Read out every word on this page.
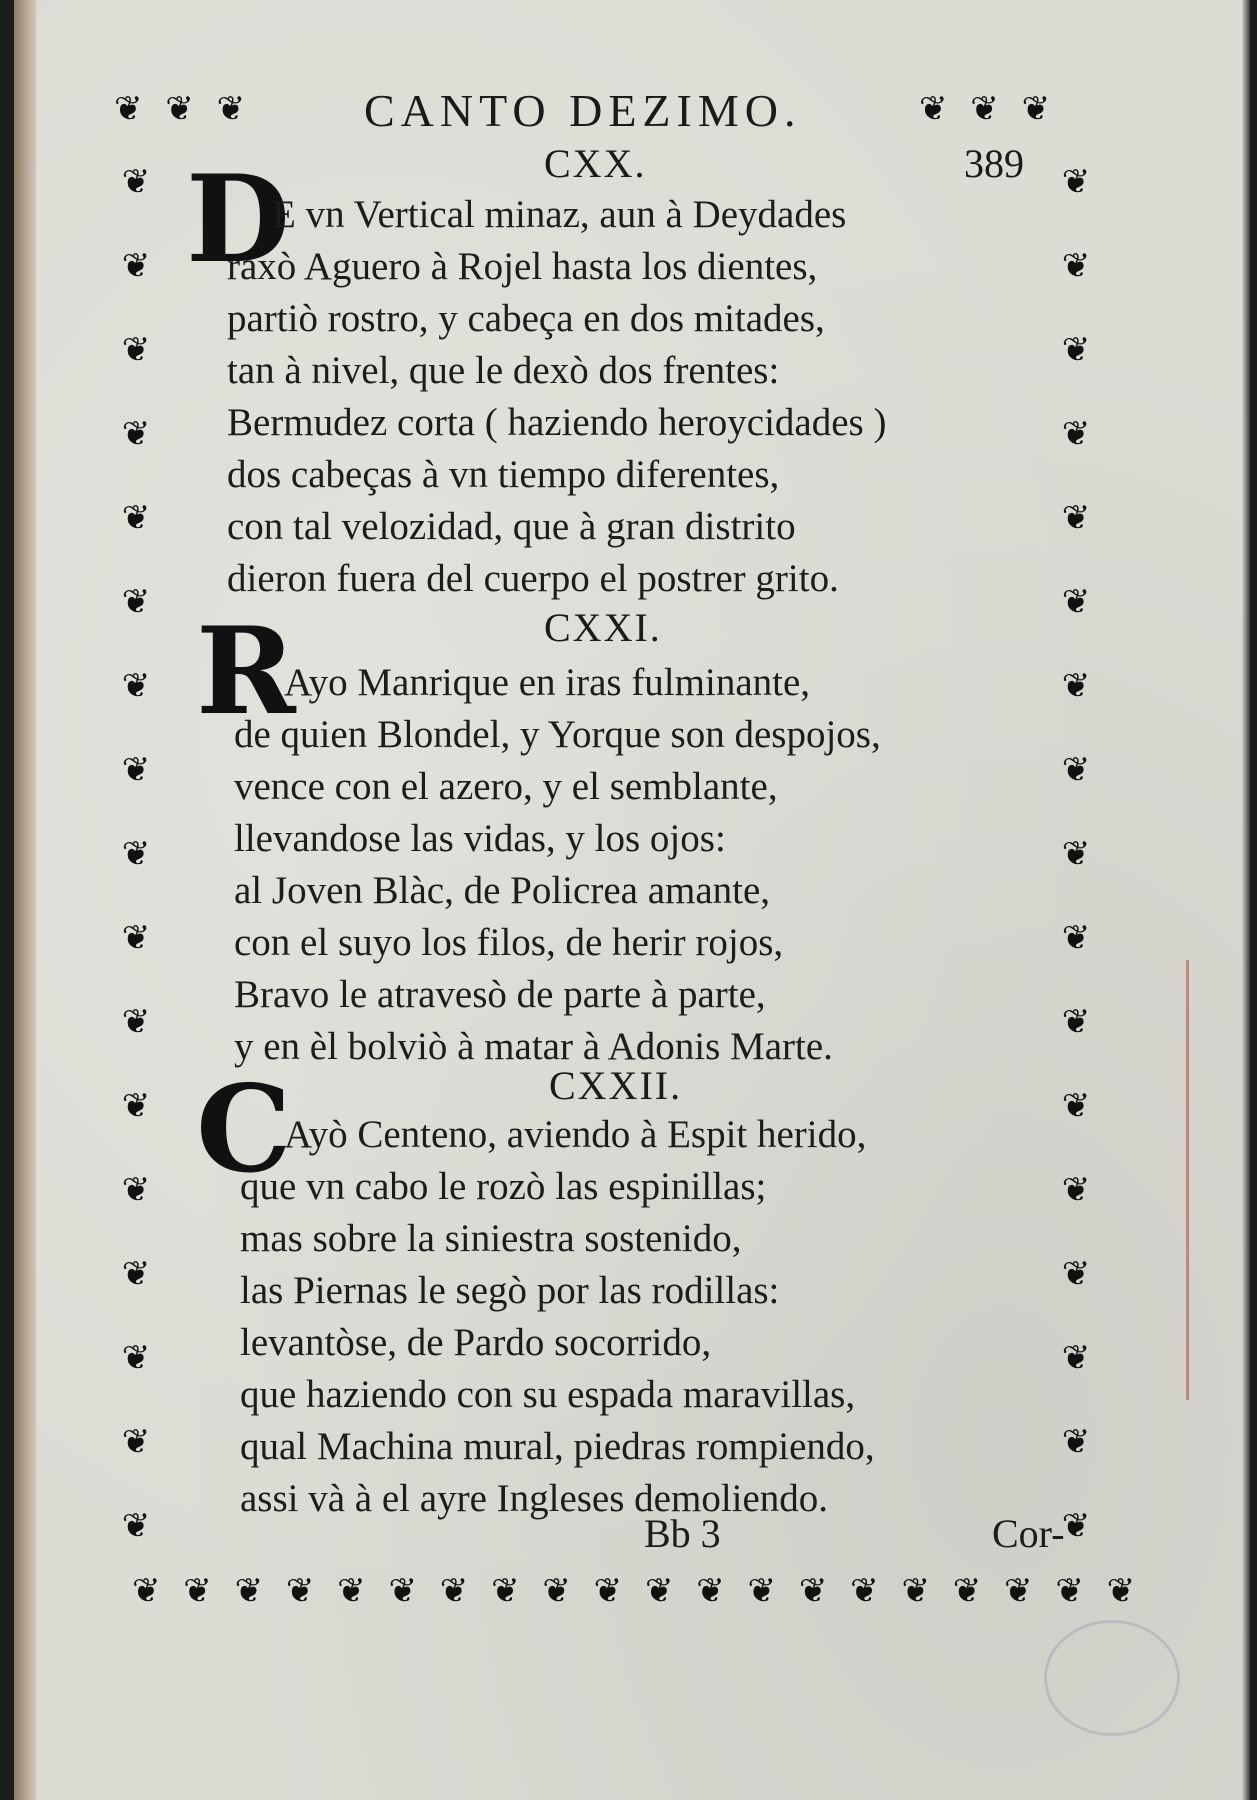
❦ ❦ ❦	❦ ❦ ❦
❦ ❦ ❦ ❦ ❦ ❦ ❦ ❦ ❦ ❦ ❦ ❦ ❦ ❦ ❦ ❦ ❦ ❦ ❦ ❦
❦
❦
❦
❦
❦
❦
❦
❦
❦
❦
❦
❦
❦
❦
❦
❦
❦
❦
❦
❦
❦
❦
❦
❦
❦
❦
❦
❦
❦
❦
❦
❦
❦
❦
CANTO DEZIMO.
389
CXX.
D
E vn Vertical minaz, aun à Deydades
raxò Aguero à Rojel hasta los dientes,
partiò rostro, y cabeça en dos mitades,
tan à nivel, que le dexò dos frentes:
Bermudez corta ( haziendo heroycidades )
dos cabeças à vn tiempo diferentes,
con tal velozidad, que à gran distrito
dieron fuera del cuerpo el postrer grito.
CXXI.
R
Ayo Manrique en iras fulminante,
de quien Blondel, y Yorque son despojos,
vence con el azero, y el semblante,
llevandose las vidas, y los ojos:
al Joven Blàc, de Policrea amante,
con el suyo los filos, de herir rojos,
Bravo le atravesò de parte à parte,
y en èl bolviò à matar à Adonis Marte.
CXXII.
C
Ayò Centeno, aviendo à Espit herido,
que vn cabo le rozò las espinillas;
mas sobre la siniestra sostenido,
las Piernas le segò por las rodillas:
levantòse, de Pardo socorrido,
que haziendo con su espada maravillas,
qual Machina mural, piedras rompiendo,
assi và à el ayre Ingleses demoliendo.
Bb 3	Cor-
